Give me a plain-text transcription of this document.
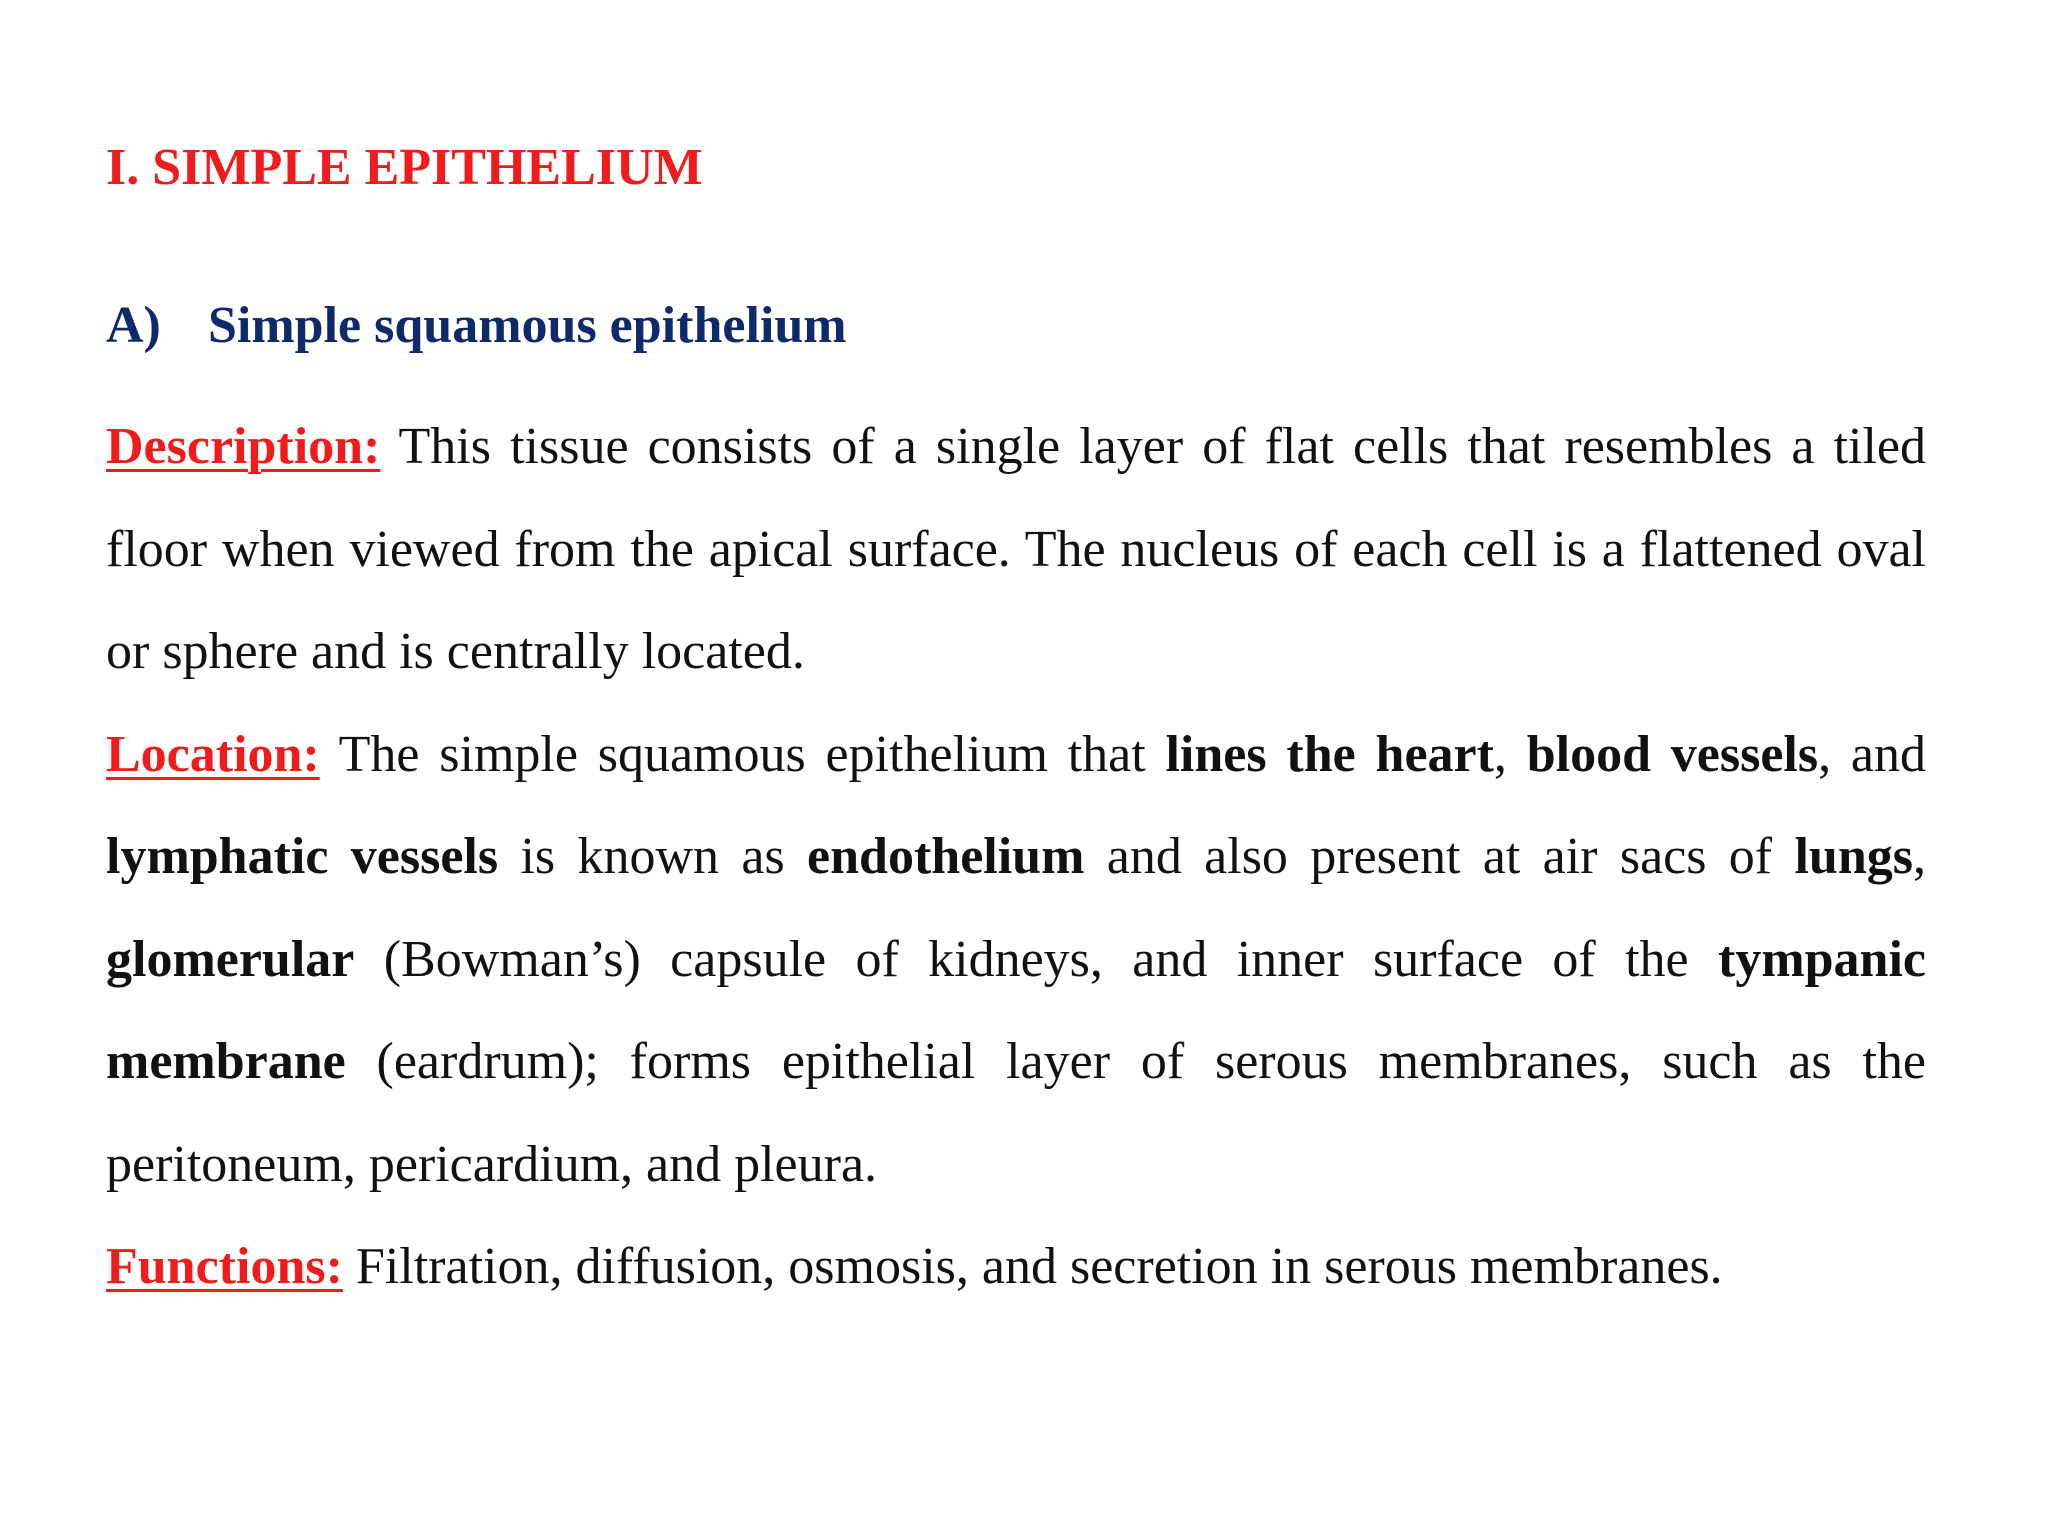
I. SIMPLE EPITHELIUM
A) Simple squamous epithelium

Description: This tissue consists of a single layer of flat cells that resembles a tiled floor when viewed from the apical surface. The nucleus of each cell is a flattened oval or sphere and is centrally located.

Location: The simple squamous epithelium that lines the heart, blood vessels, and lymphatic vessels is known as endothelium and also present at air sacs of lungs, glomerular (Bowman’s) capsule of kidneys, and inner surface of the tympanic membrane (eardrum); forms epithelial layer of serous membranes, such as the peritoneum, pericardium, and pleura.

Functions: Filtration, diffusion, osmosis, and secretion in serous membranes.
